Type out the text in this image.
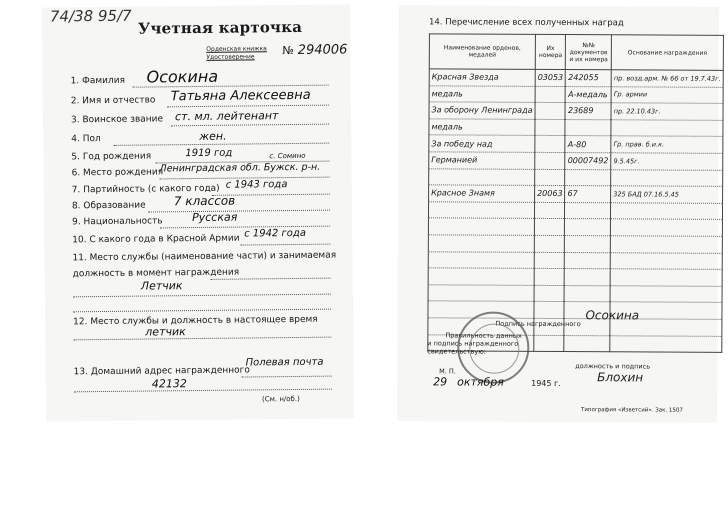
74/38 95/7
Учетная карточка
Орденская книжка
Удостоверение
№ 294006
1. Фамилия Осокина
2. Имя и отчество Татьяна Алексеевна
3. Воинское звание ст. мл. лейтенант
4. Пол	жен.
5. Год рождения	1919 год
6. Место рождения
с. Сомино
Ленинградская обл. Бужск. р-н.
7. Партийность (с какого года) с 1943 года
8. Образование 7 классов
9. Национальность	Русская
10. С какого года в Красной Армии с 1942 года
11. Место службы (наименование части) и занимаемая
должность в момент награждения
Летчик
12. Место службы и должность в настоящее время
летчик
13. Домашний адрес награжденного
Полевая почта
42132
(См. н/об.)
14. Перечисление всех полученных наград
Наименование орденов, медалей	Их номера	№№ документов и их номера	Основание награждения
Красная Звезда	03053	242055	пр. возд.арм. № 66 от 19.7.43г.
медаль		А-медаль	Гр. армии
За оборону Ленинграда		23689	пр. 22.10.43г.
медаль			
За победу над		А-80	Гр. прав. б.и.к.
Германией		00007492	9.5.45г.

Красное Знамя	20063	67	325 БАД 07.16.5.45

Подпись награжденного
Осокина
Правильность данных
и подпись награжденного
свидетельствую:
М. П.
должность и подпись
Блохин
29 октября	1945 г.
Типография «Изветсий». Зак. 1507
